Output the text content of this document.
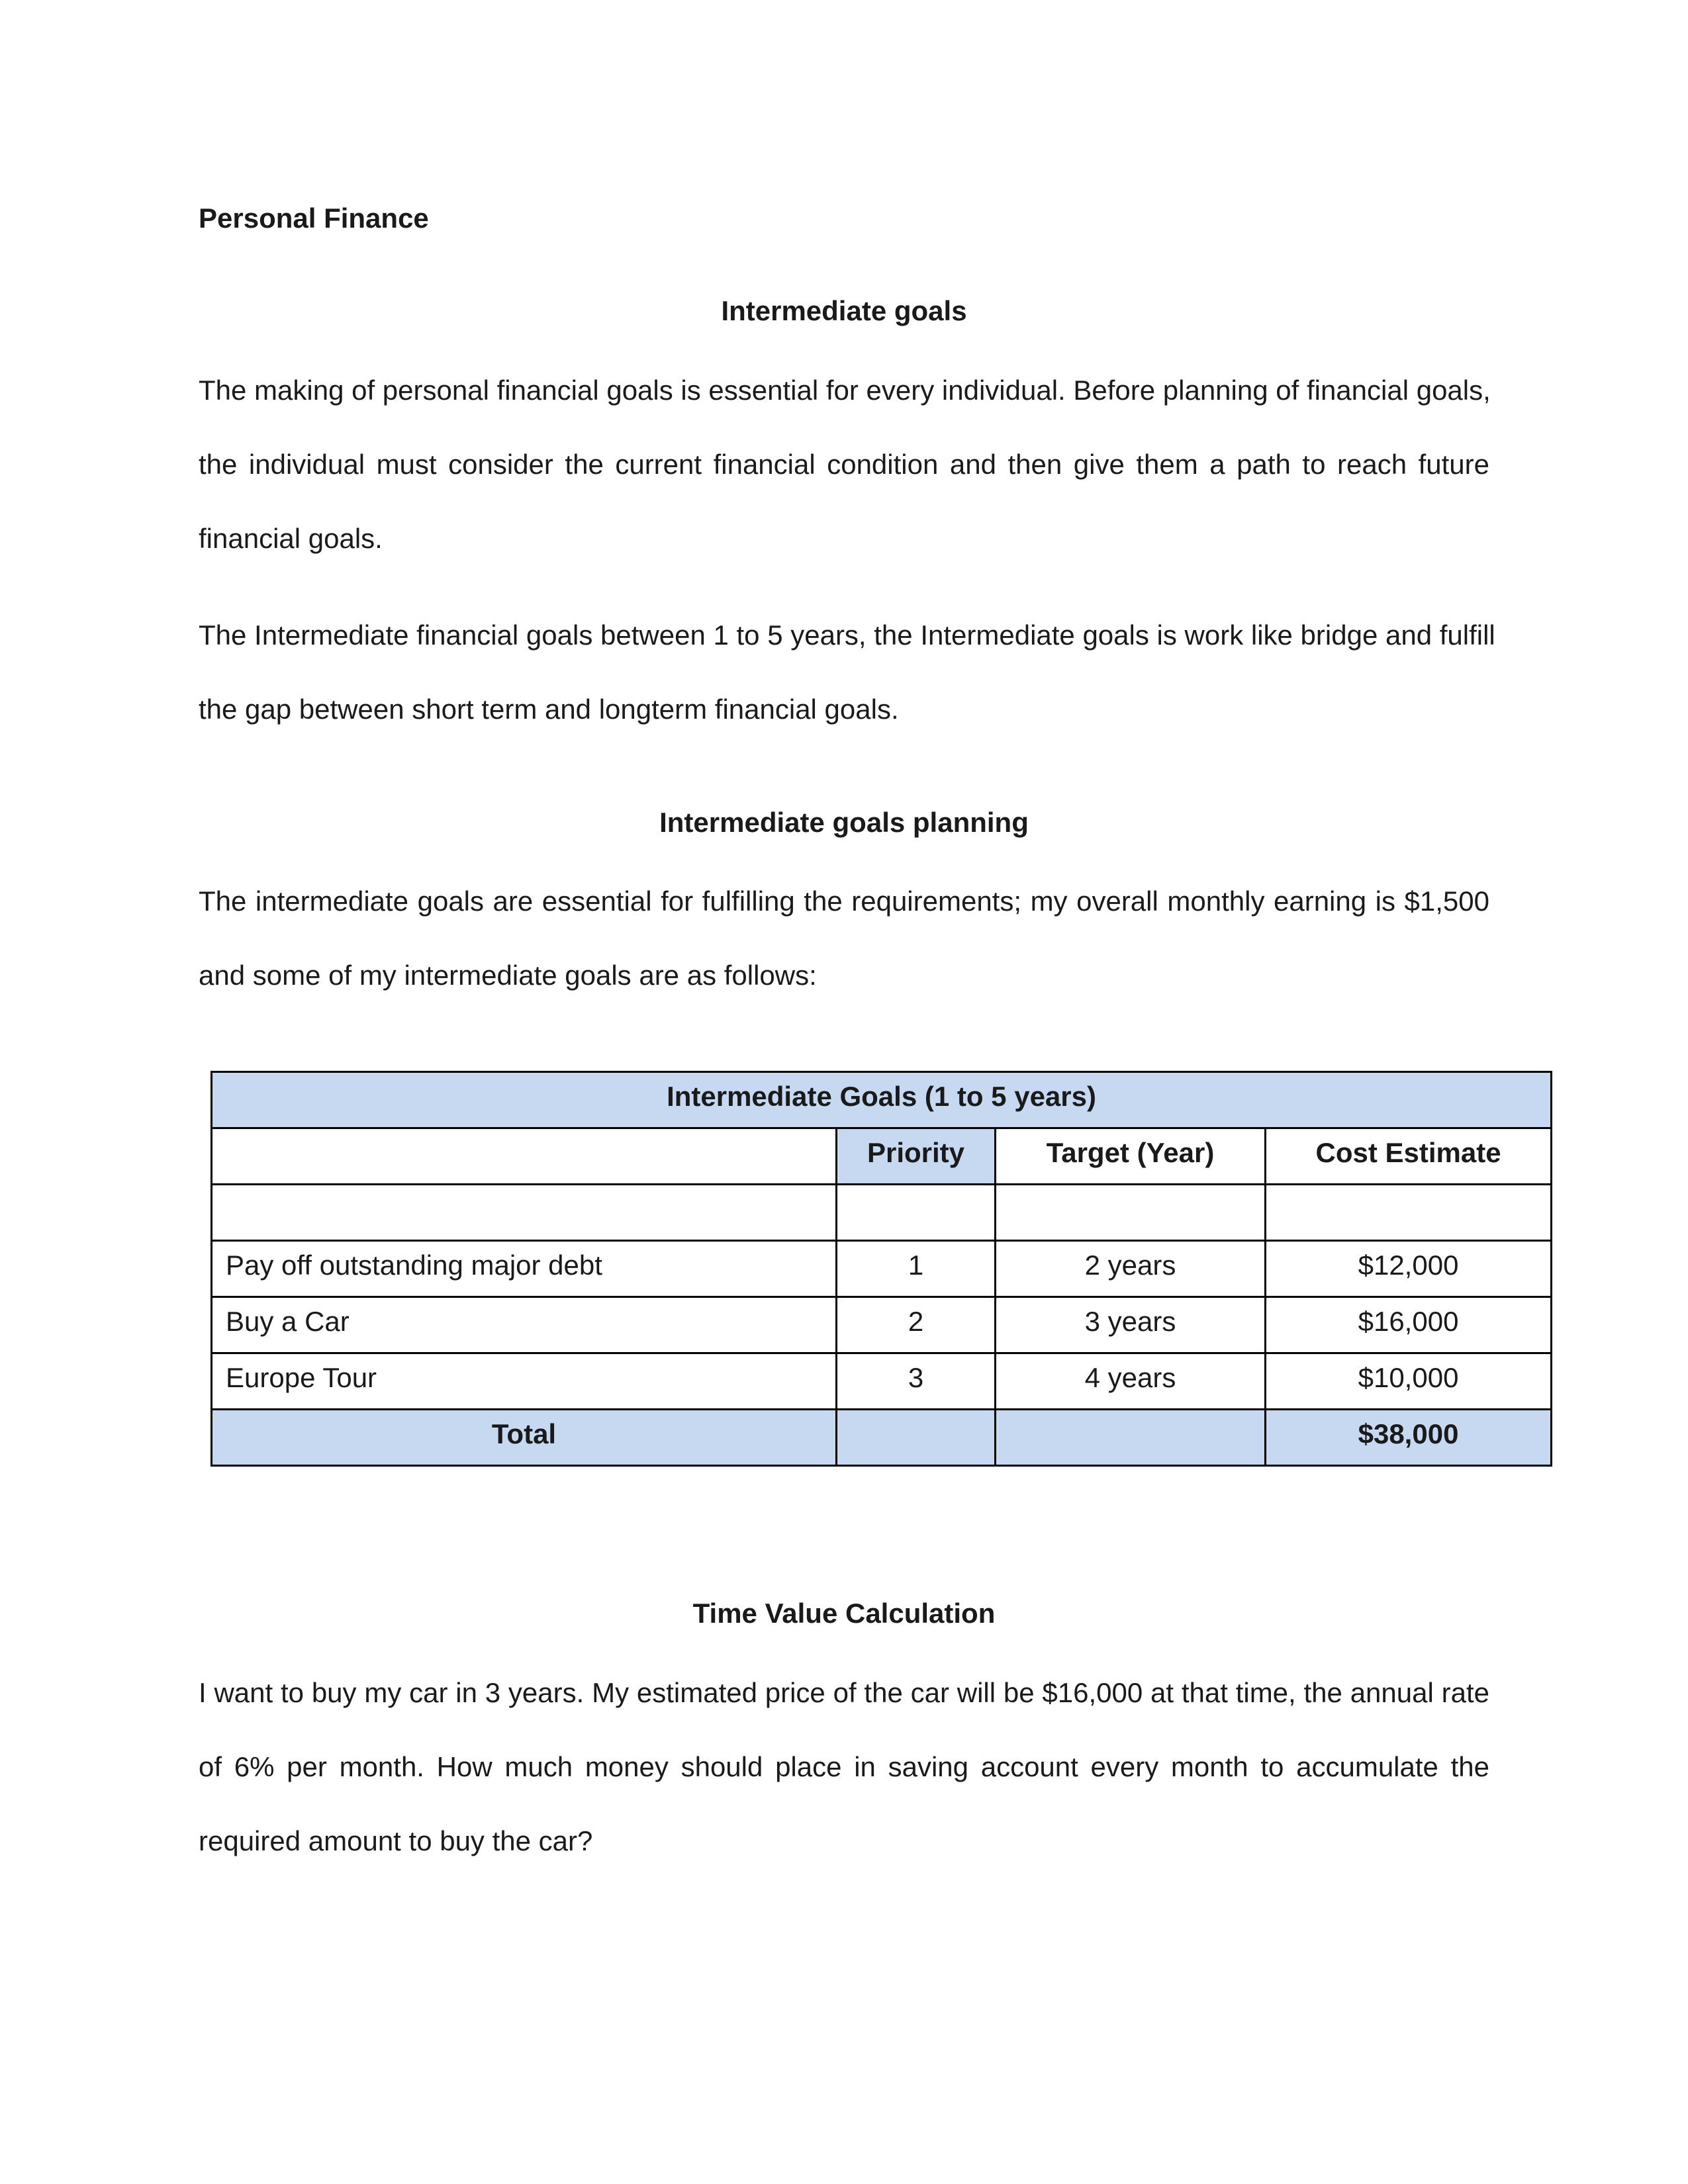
Personal Finance
Intermediate goals
The making of personal financial goals is essential for every individual. Before planning of financial goals,
the individual must consider the current financial condition and then give them a path to reach future
financial goals.
The Intermediate financial goals between 1 to 5 years, the Intermediate goals is work like bridge and fulfill
the gap between short term and longterm financial goals.
Intermediate goals planning
The intermediate goals are essential for fulfilling the requirements; my overall monthly earning is $1,500
and some of my intermediate goals are as follows:
Intermediate Goals (1 to 5 years)			
	Priority	Target (Year)	Cost Estimate

Pay off outstanding major debt	1	2 years	$12,000
Buy a Car	2	3 years	$16,000
Europe Tour	3	4 years	$10,000
Total			$38,000
Time Value Calculation
I want to buy my car in 3 years. My estimated price of the car will be $16,000 at that time, the annual rate
of 6% per month. How much money should place in saving account every month to accumulate the
required amount to buy the car?
